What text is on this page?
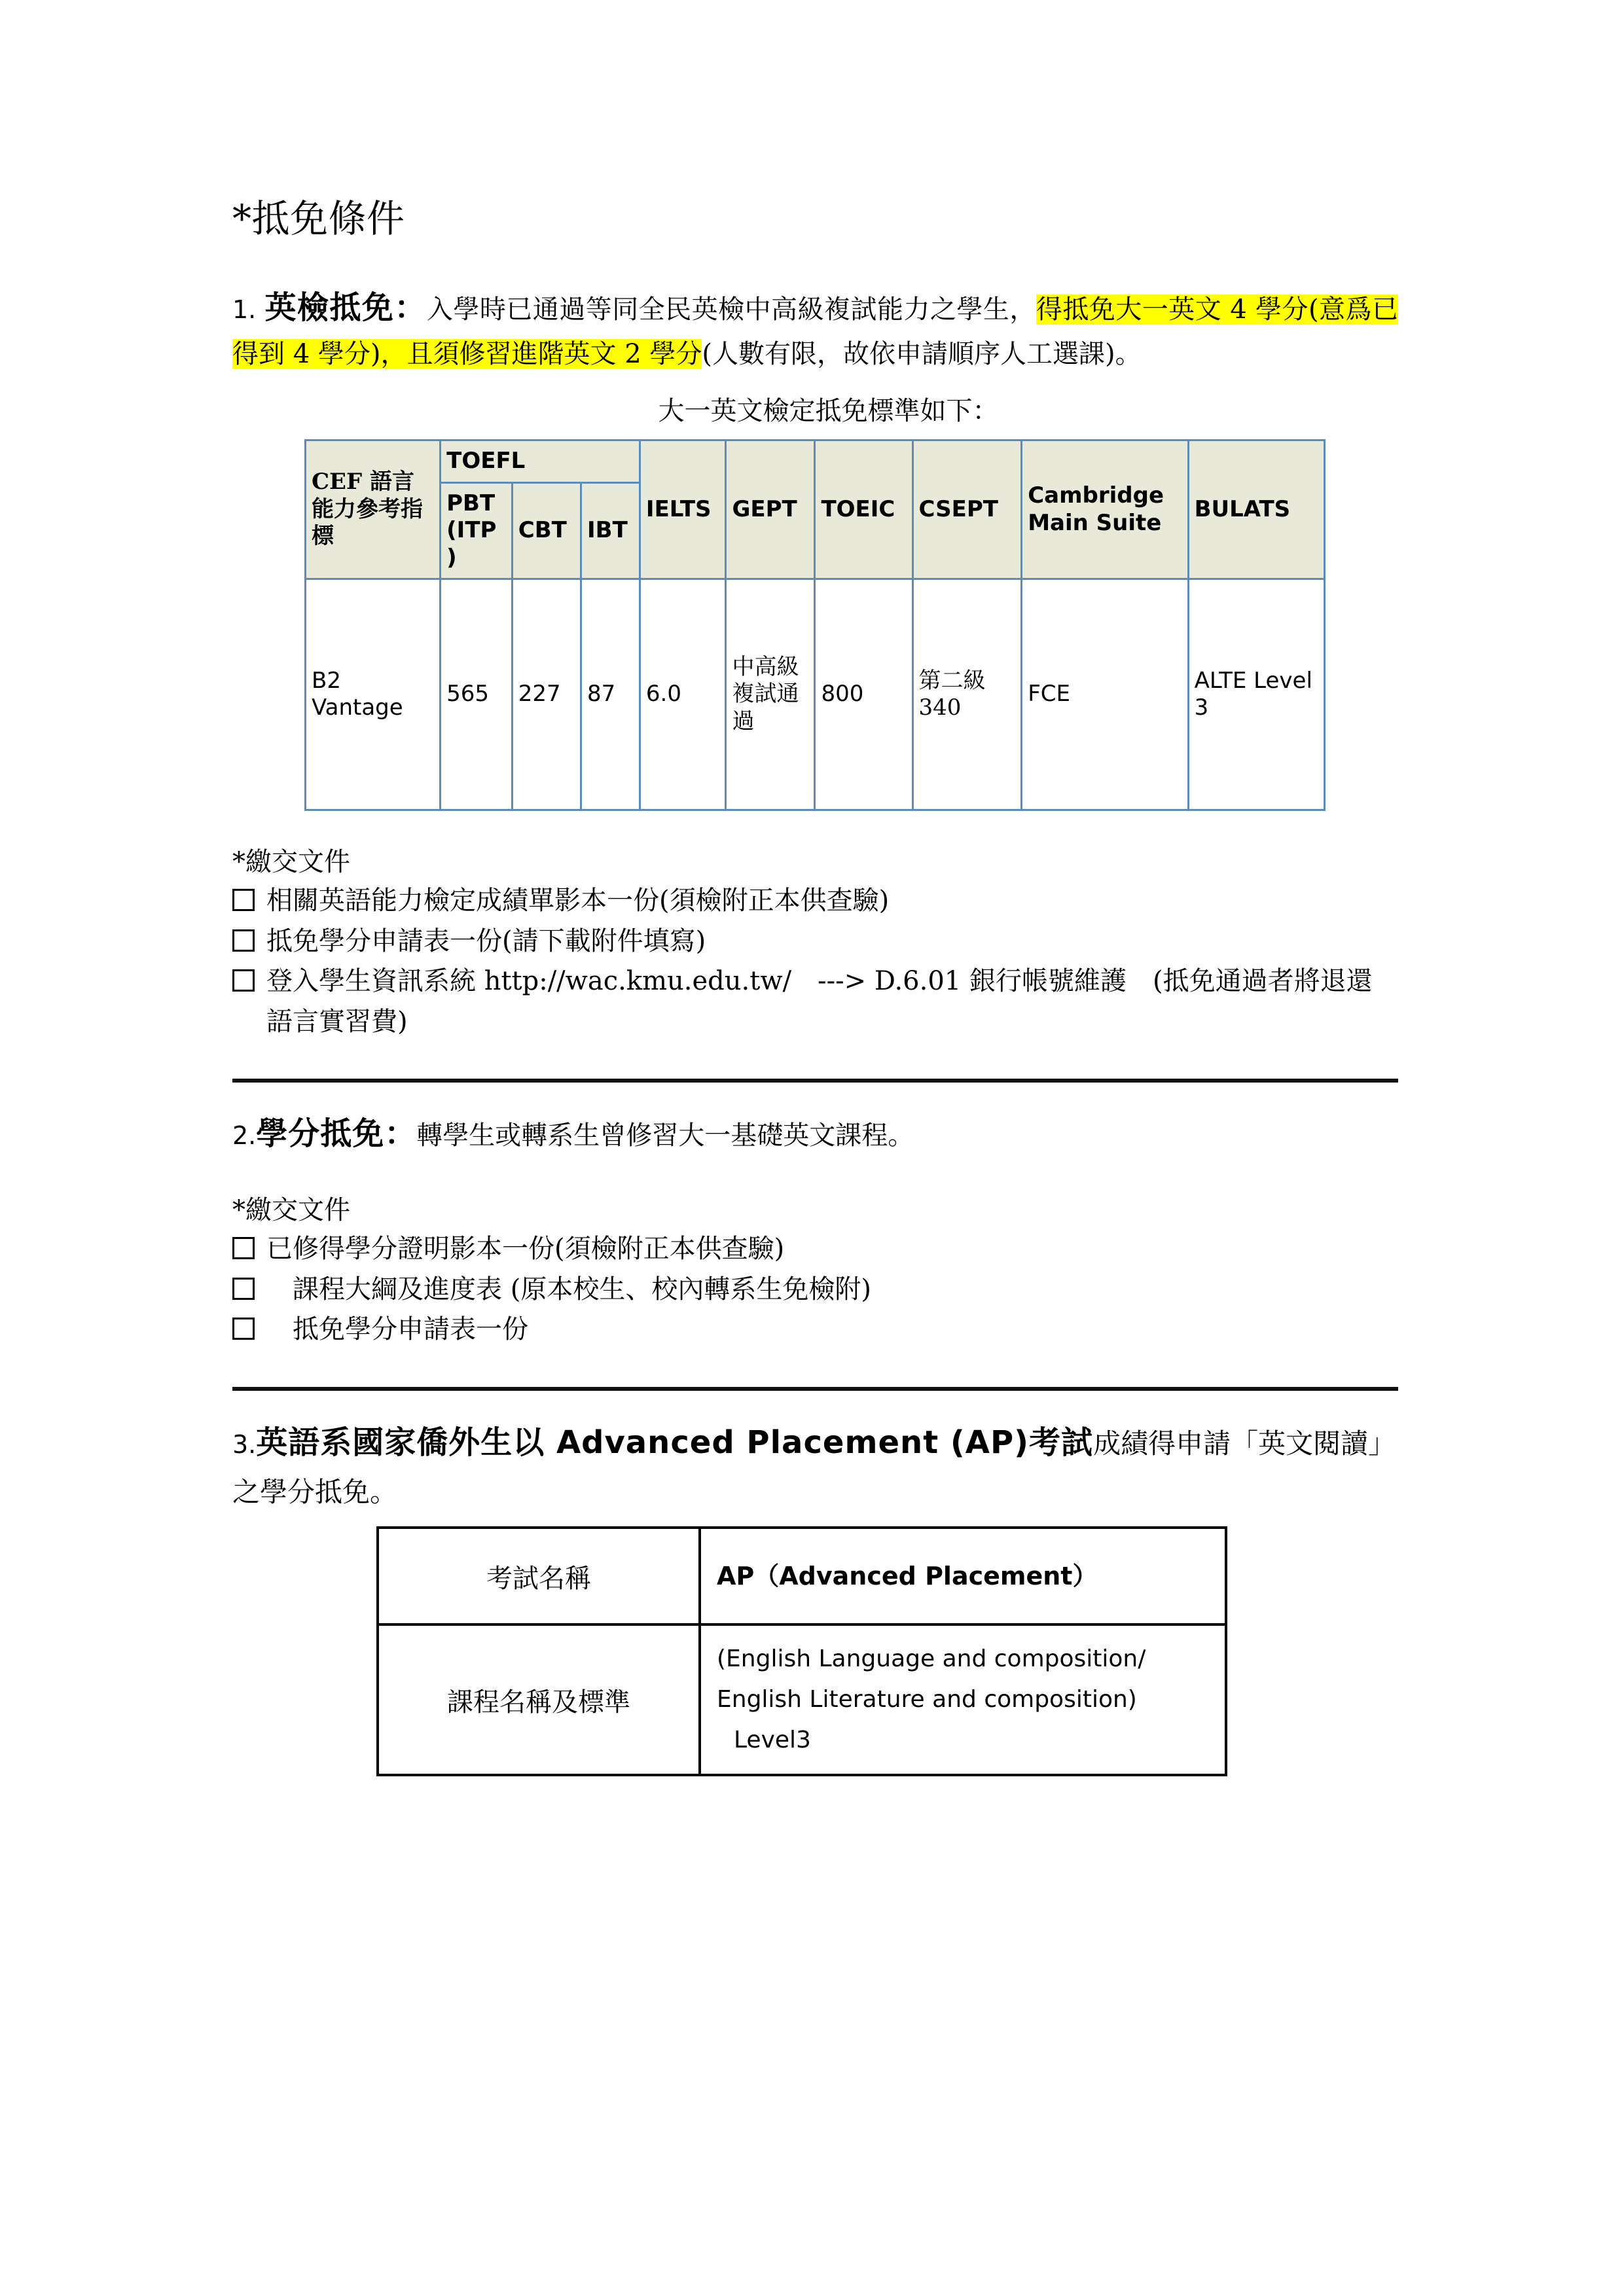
*抵免條件

1. 英檢抵免：入學時已通過等同全民英檢中高級複試能力之學生，得抵免大一英文 4 學分(意爲已得到 4 學分)，且須修習進階英文 2 學分(人數有限，故依申請順序人工選課)。

大一英文檢定抵免標準如下：
CEF 語言能力參考指標	TOEFL			IELTS	GEPT	TOEIC	CSEPT	Cambridge Main Suite	BULATS
	PBT (ITP)	CBT	IBT						
B2 Vantage	565	227	87	6.0	中高級複試通過	800	第二級 340	FCE	ALTE Level 3
*繳交文件
相關英語能力檢定成績單影本一份(須檢附正本供查驗)
抵免學分申請表一份(請下載附件填寫)
登入學生資訊系統 http://wac.kmu.edu.tw/　---> D.6.01 銀行帳號維護　(抵免通過者將退還語言實習費)

2.學分抵免：轉學生或轉系生曾修習大一基礎英文課程。

*繳交文件
已修得學分證明影本一份(須檢附正本供查驗)
　課程大綱及進度表 (原本校生、校內轉系生免檢附)
　抵免學分申請表一份

3.英語系國家僑外生以 Advanced Placement (AP)考試成績得申請「英文閱讀」之學分抵免。

考試名稱	AP（Advanced Placement）
課程名稱及標準	(English Language and composition/
English Literature and composition)
Level3
